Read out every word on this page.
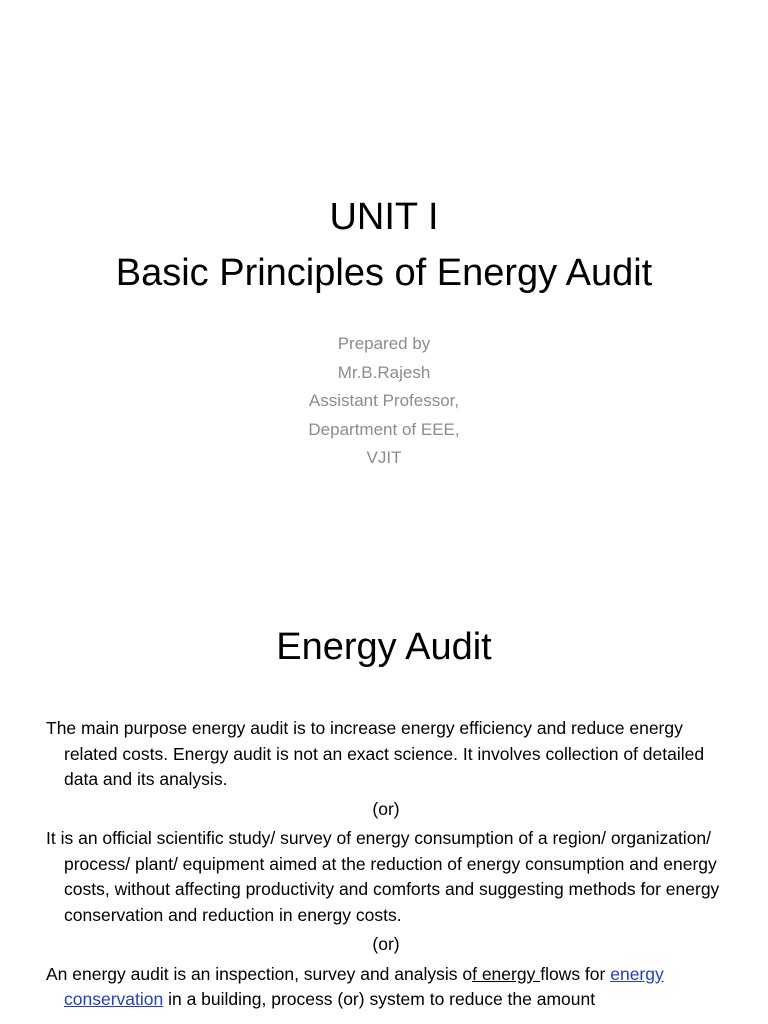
UNIT I
Basic Principles of Energy Audit
Prepared by
Mr.B.Rajesh
Assistant Professor,
Department of EEE,
VJIT
Energy Audit

The main purpose energy audit is to increase energy efficiency and reduce energy related costs. Energy audit is not an exact science. It involves collection of detailed data and its analysis.

(or)

It is an official scientific study/ survey of energy consumption of a region/ organization/ process/ plant/ equipment aimed at the reduction of energy consumption and energy costs, without affecting productivity and comforts and suggesting methods for energy conservation and reduction in energy costs.

(or)

An energy audit is an inspection, survey and analysis of energy flows for energy conservation in a building, process (or) system to reduce the amount
